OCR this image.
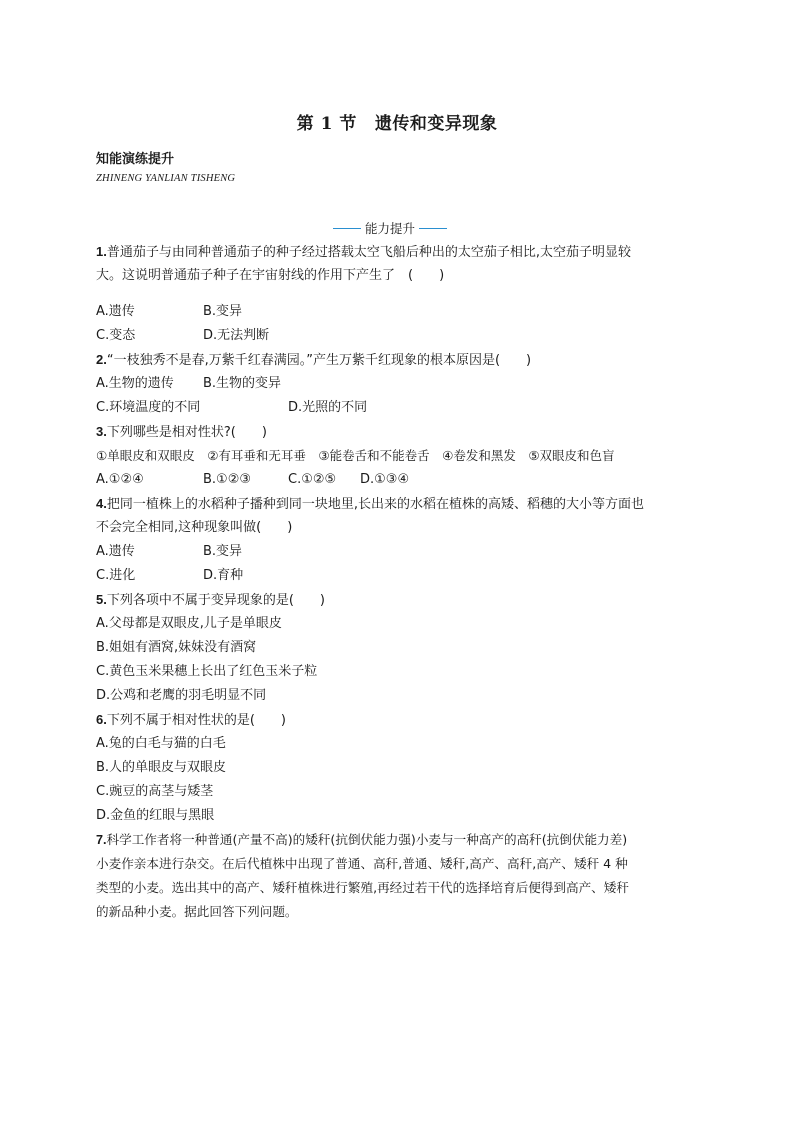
第 1 节 遗传和变异现象
知能演练提升
ZHINENG YANLIAN TISHENG
能力提升
1.普通茄子与由同种普通茄子的种子经过搭载太空飞船后种出的太空茄子相比,太空茄子明显较
大。这说明普通茄子种子在宇宙射线的作用下产生了　(　　)
A.遗传	B.变异
C.变态	D.无法判断
2.“一枝独秀不是春,万紫千红春满园。”产生万紫千红现象的根本原因是(　　)
A.生物的遗传	B.生物的变异
C.环境温度的不同	D.光照的不同
3.下列哪些是相对性状?(　　)
①单眼皮和双眼皮　②有耳垂和无耳垂　③能卷舌和不能卷舌　④卷发和黑发　⑤双眼皮和色盲
A.①②④	B.①②③	C.①②⑤	D.①③④
4.把同一植株上的水稻种子播种到同一块地里,长出来的水稻在植株的高矮、稻穗的大小等方面也
不会完全相同,这种现象叫做(　　)
A.遗传	B.变异
C.进化	D.育种
5.下列各项中不属于变异现象的是(　　)
A.父母都是双眼皮,儿子是单眼皮
B.姐姐有酒窝,妹妹没有酒窝
C.黄色玉米果穗上长出了红色玉米子粒
D.公鸡和老鹰的羽毛明显不同
6.下列不属于相对性状的是(　　)
A.兔的白毛与猫的白毛
B.人的单眼皮与双眼皮
C.豌豆的高茎与矮茎
D.金鱼的红眼与黑眼
7.科学工作者将一种普通(产量不高)的矮秆(抗倒伏能力强)小麦与一种高产的高秆(抗倒伏能力差)
小麦作亲本进行杂交。在后代植株中出现了普通、高秆,普通、矮秆,高产、高秆,高产、矮秆 4 种
类型的小麦。选出其中的高产、矮秆植株进行繁殖,再经过若干代的选择培育后便得到高产、矮秆
的新品种小麦。据此回答下列问题。
